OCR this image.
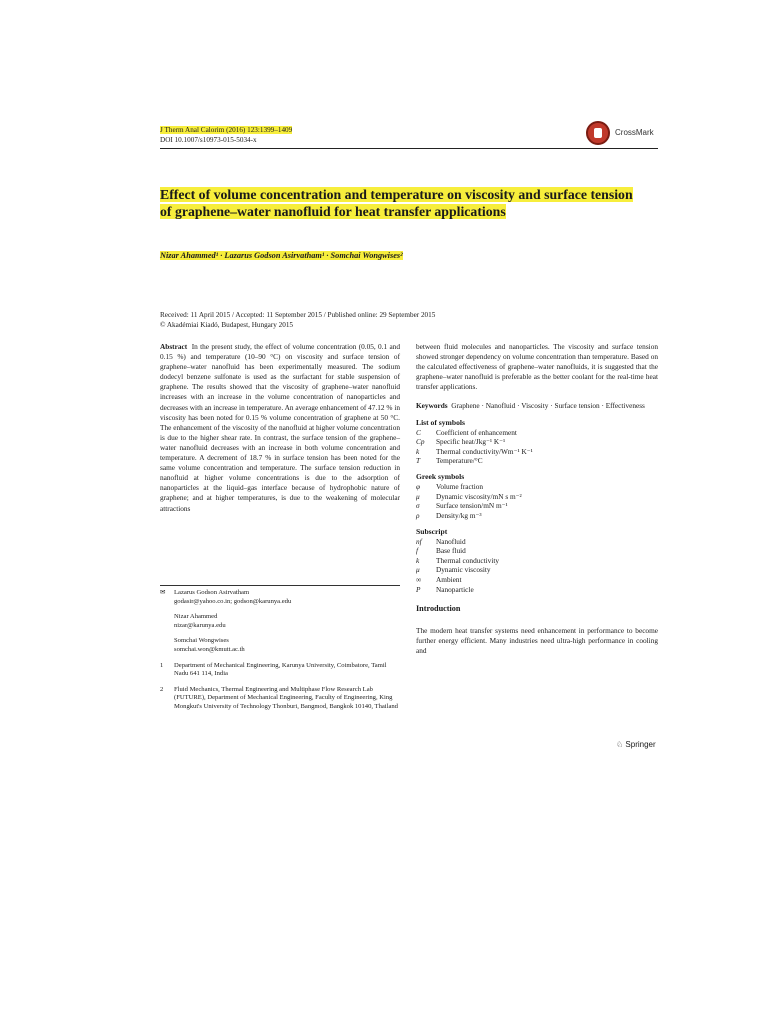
J Therm Anal Calorim (2016) 123:1399–1409
DOI 10.1007/s10973-015-5034-x
CrossMark
Effect of volume concentration and temperature on viscosity and surface tension of graphene–water nanofluid for heat transfer applications
Nizar Ahammed¹ · Lazarus Godson Asirvatham¹ · Somchai Wongwises²
Received: 11 April 2015 / Accepted: 11 September 2015 / Published online: 29 September 2015
© Akadémiai Kiadó, Budapest, Hungary 2015
Abstract In the present study, the effect of volume concentration (0.05, 0.1 and 0.15 %) and temperature (10–90 °C) on viscosity and surface tension of graphene–water nanofluid has been experimentally measured. The sodium dodecyl benzene sulfonate is used as the surfactant for stable suspension of graphene. The results showed that the viscosity of graphene–water nanofluid increases with an increase in the volume concentration of nanoparticles and decreases with an increase in temperature. An average enhancement of 47.12 % in viscosity has been noted for 0.15 % volume concentration of graphene at 50 °C. The enhancement of the viscosity of the nanofluid at higher volume concentration is due to the higher shear rate. In contrast, the surface tension of the graphene–water nanofluid decreases with an increase in both volume concentration and temperature. A decrement of 18.7 % in surface tension has been noted for the same volume concentration and temperature. The surface tension reduction in nanofluid at higher volume concentrations is due to the adsorption of nanoparticles at the liquid–gas interface because of hydrophobic nature of graphene; and at higher temperatures, is due to the weakening of molecular attractions
✉	Lazarus Godson Asirvatham
godasir@yahoo.co.in; godson@karunya.edu
Nizar Ahammed
nizar@karunya.edu
Somchai Wongwises
somchai.won@kmutt.ac.th
1	Department of Mechanical Engineering, Karunya University, Coimbatore, Tamil Nadu 641 114, India
2	Fluid Mechanics, Thermal Engineering and Multiphase Flow Research Lab (FUTURE), Department of Mechanical Engineering, Faculty of Engineering, King Mongkut's University of Technology Thonburi, Bangmod, Bangkok 10140, Thailand
between fluid molecules and nanoparticles. The viscosity and surface tension showed stronger dependency on volume concentration than temperature. Based on the calculated effectiveness of graphene–water nanofluids, it is suggested that the graphene–water nanofluid is preferable as the better coolant for the real-time heat transfer applications.
Keywords Graphene · Nanofluid · Viscosity · Surface tension · Effectiveness
List of symbols
C	Coefficient of enhancement
Cp	Specific heat/Jkg⁻¹ K⁻¹
k	Thermal conductivity/Wm⁻¹ K⁻¹
T	Temperature/°C
Greek symbols
φ	Volume fraction
μ	Dynamic viscosity/mN s m⁻²
σ	Surface tension/mN m⁻¹
ρ	Density/kg m⁻³
Subscript
nf	Nanofluid
f	Base fluid
k	Thermal conductivity
μ	Dynamic viscosity
∞	Ambient
P	Nanoparticle
Introduction
The modern heat transfer systems need enhancement in performance to become further energy efficient. Many industries need ultra-high performance in cooling and
♘ Springer
